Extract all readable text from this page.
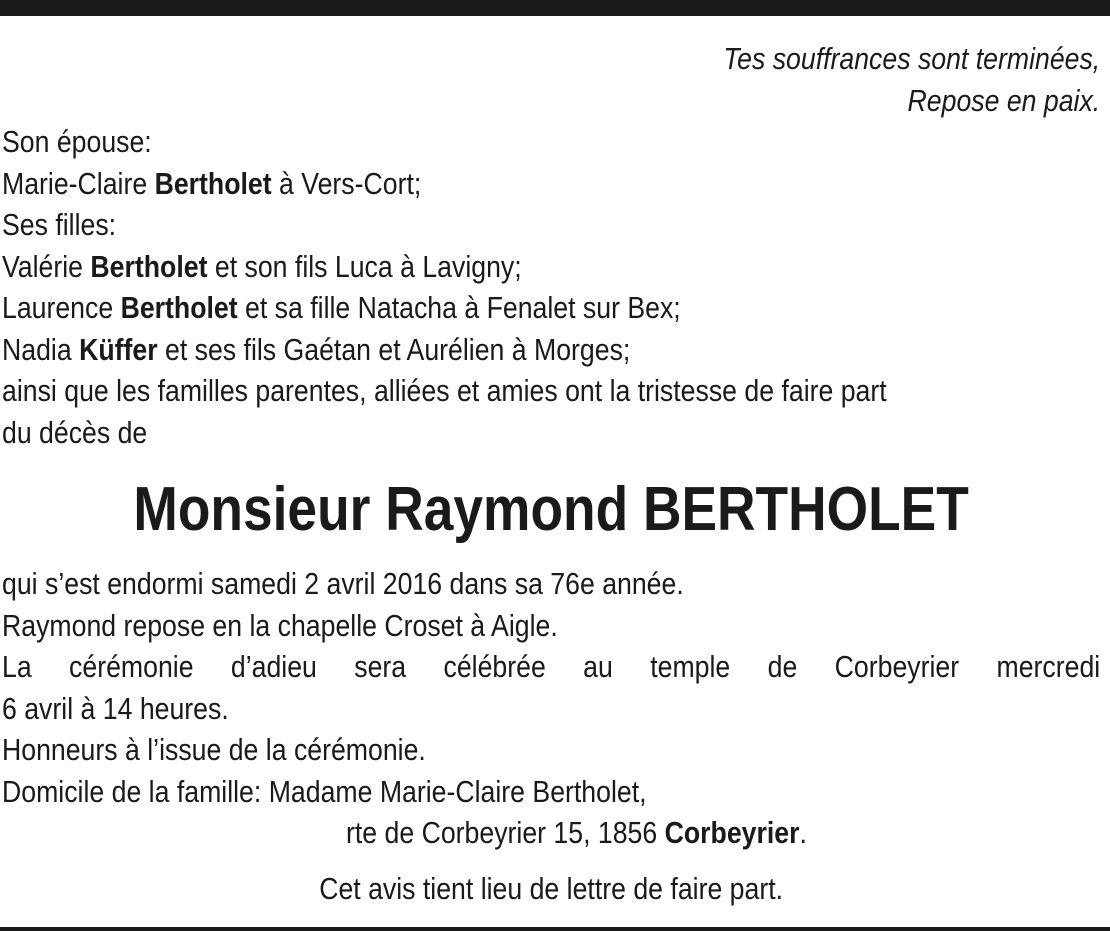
Tes souffrances sont terminées,
Repose en paix.
Son épouse:
Marie-Claire Bertholet à Vers-Cort;
Ses filles:
Valérie Bertholet et son fils Luca à Lavigny;
Laurence Bertholet et sa fille Natacha à Fenalet sur Bex;
Nadia Küffer et ses fils Gaétan et Aurélien à Morges;
ainsi que les familles parentes, alliées et amies ont la tristesse de faire part
du décès de
Monsieur Raymond BERTHOLET
qui s’est endormi samedi 2 avril 2016 dans sa 76e année.
Raymond repose en la chapelle Croset à Aigle.
La cérémonie d’adieu sera célébrée au temple de Corbeyrier mercredi
6 avril à 14 heures.
Honneurs à l’issue de la cérémonie.
Domicile de la famille: Madame Marie-Claire Bertholet,
rte de Corbeyrier 15, 1856 Corbeyrier.
Cet avis tient lieu de lettre de faire part.
